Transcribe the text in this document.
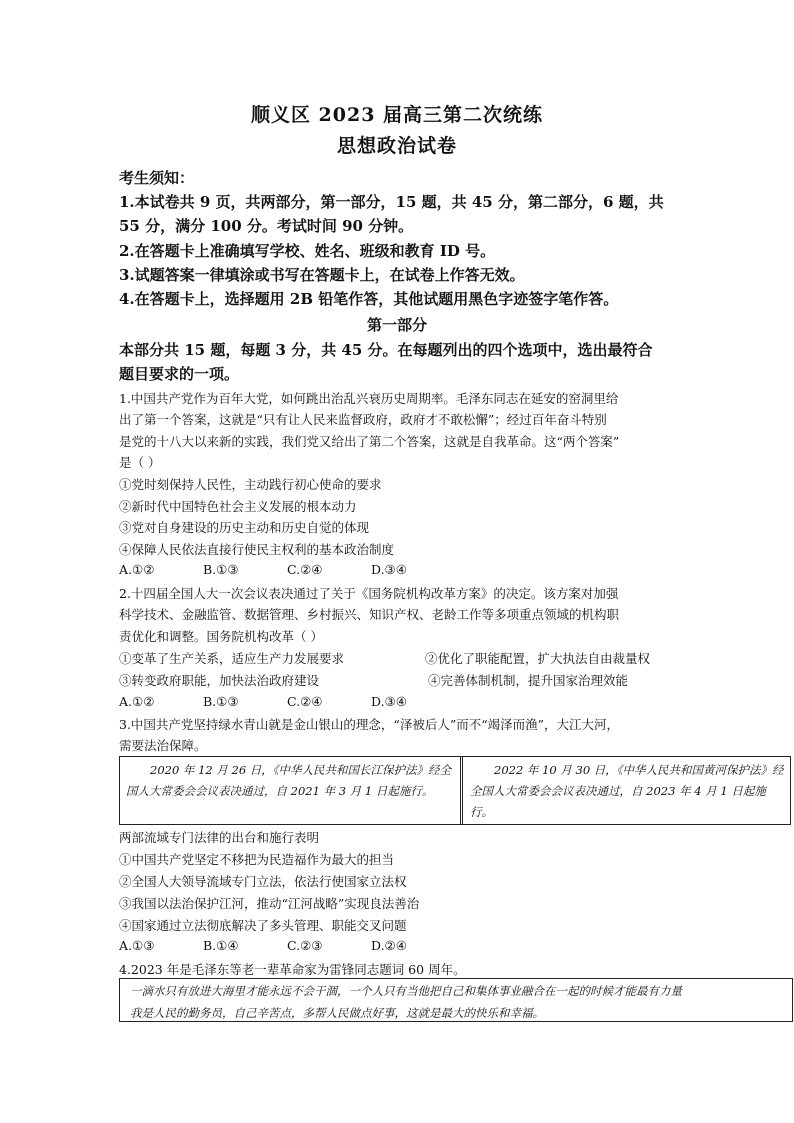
顺义区 2023 届高三第二次统练
思想政治试卷
考生须知：
1.本试卷共 9 页，共两部分，第一部分，15 题，共 45 分，第二部分，6 题，共
55 分，满分 100 分。考试时间 90 分钟。
2.在答题卡上准确填写学校、姓名、班级和教育 ID 号。
3.试题答案一律填涂或书写在答题卡上，在试卷上作答无效。
4.在答题卡上，选择题用 2B 铅笔作答，其他试题用黑色字迹签字笔作答。
第一部分
本部分共 15 题，每题 3 分，共 45 分。在每题列出的四个选项中，选出最符合
题目要求的一项。
1.中国共产党作为百年大党，如何跳出治乱兴衰历史周期率。毛泽东同志在延安的窑洞里给
出了第一个答案，这就是“只有让人民来监督政府，政府才不敢松懈”；经过百年奋斗特别
是党的十八大以来新的实践，我们党又给出了第二个答案，这就是自我革命。这“两个答案”
是（ ）
①党时刻保持人民性，主动践行初心使命的要求
②新时代中国特色社会主义发展的根本动力
③党对自身建设的历史主动和历史自觉的体现
④保障人民依法直接行使民主权利的基本政治制度
A.①②	B.①③	C.②④	D.③④
2.十四届全国人大一次会议表决通过了关于《国务院机构改革方案》的决定。该方案对加强
科学技术、金融监管、数据管理、乡村振兴、知识产权、老龄工作等多项重点领域的机构职
责优化和调整。国务院机构改革（ ）
①变革了生产关系，适应生产力发展要求	②优化了职能配置，扩大执法自由裁量权
③转变政府职能，加快法治政府建设	④完善体制机制，提升国家治理效能
A.①②	B.①③	C.②④	D.③④
3.中国共产党坚持绿水青山就是金山银山的理念，“泽被后人”而不“竭泽而渔”，大江大河，
需要法治保障。
2020 年 12 月 26 日，《中华人民共和国长江保护法》经全国人大常委会会议表决通过，自 2021 年 3 月 1 日起施行。
2022 年 10 月 30 日，《中华人民共和国黄河保护法》经全国人大常委会会议表决通过，自 2023 年 4 月 1 日起施行。
两部流域专门法律的出台和施行表明
①中国共产党坚定不移把为民造福作为最大的担当
②全国人大领导流域专门立法，依法行使国家立法权
③我国以法治保护江河，推动“江河战略”实现良法善治
④国家通过立法彻底解决了多头管理、职能交叉问题
A.①③	B.①④	C.②③	D.②④
4.2023 年是毛泽东等老一辈革命家为雷锋同志题词 60 周年。
一滴水只有放进大海里才能永远不会干涸，一个人只有当他把自己和集体事业融合在一起的时候才能最有力量
我是人民的勤务员，自己辛苦点，多帮人民做点好事，这就是最大的快乐和幸福。
